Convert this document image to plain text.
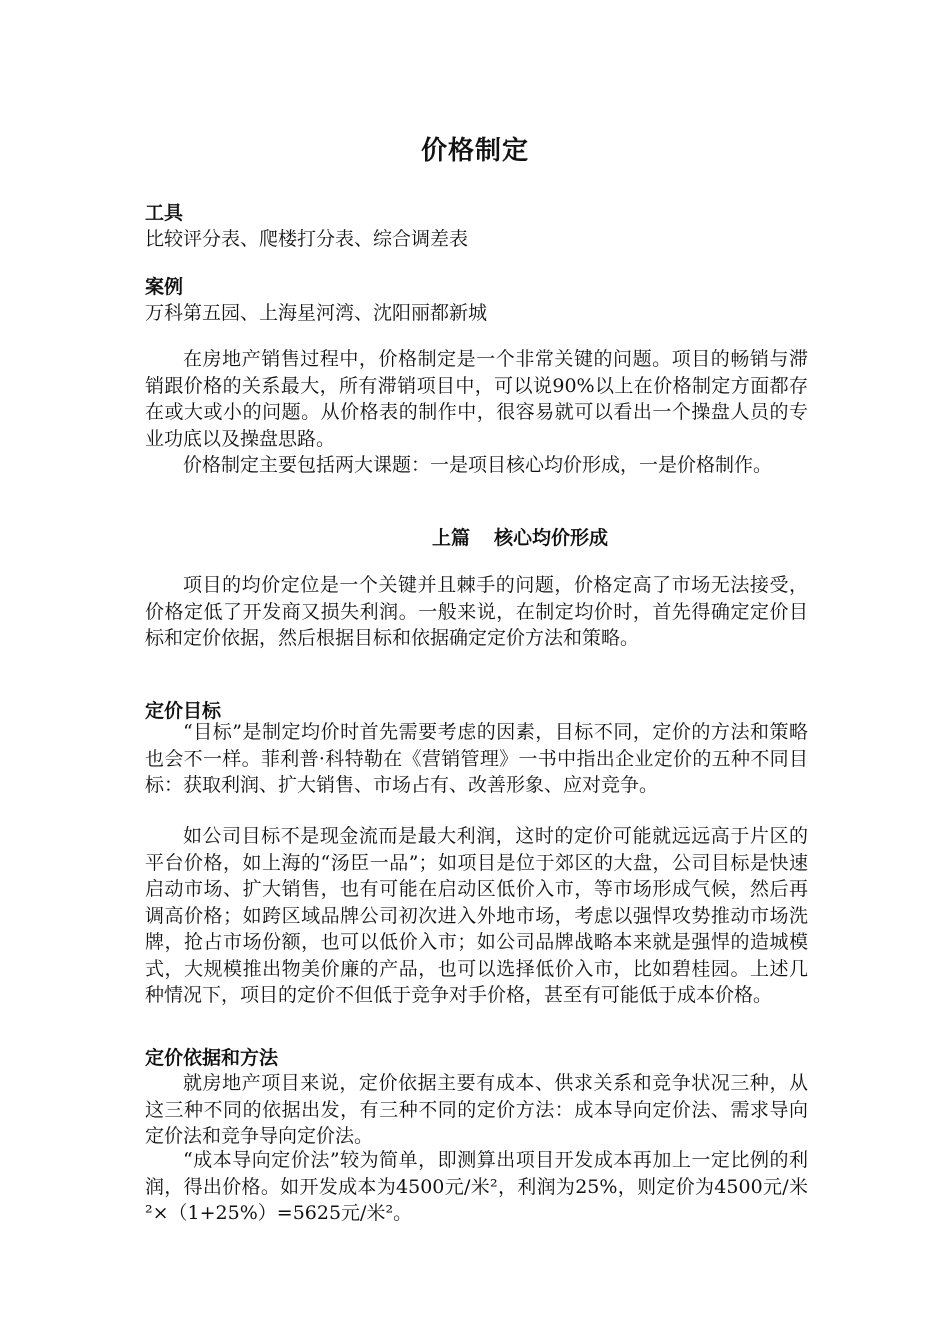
价格制定
工具
比较评分表、爬楼打分表、综合调差表
案例
万科第五园、上海星河湾、沈阳丽都新城

在房地产销售过程中，价格制定是一个非常关键的问题。项目的畅销与滞销跟价格的关系最大，所有滞销项目中，可以说90%以上在价格制定方面都存在或大或小的问题。从价格表的制作中，很容易就可以看出一个操盘人员的专业功底以及操盘思路。

价格制定主要包括两大课题：一是项目核心均价形成，一是价格制作。

上篇 核心均价形成

项目的均价定位是一个关键并且棘手的问题，价格定高了市场无法接受，价格定低了开发商又损失利润。一般来说，在制定均价时，首先得确定定价目标和定价依据，然后根据目标和依据确定定价方法和策略。

定价目标

“目标”是制定均价时首先需要考虑的因素，目标不同，定价的方法和策略也会不一样。菲利普·科特勒在《营销管理》一书中指出企业定价的五种不同目标：获取利润、扩大销售、市场占有、改善形象、应对竞争。

如公司目标不是现金流而是最大利润，这时的定价可能就远远高于片区的平台价格，如上海的“汤臣一品”；如项目是位于郊区的大盘，公司目标是快速启动市场、扩大销售，也有可能在启动区低价入市，等市场形成气候，然后再调高价格；如跨区域品牌公司初次进入外地市场，考虑以强悍攻势推动市场洗牌，抢占市场份额，也可以低价入市；如公司品牌战略本来就是强悍的造城模式，大规模推出物美价廉的产品，也可以选择低价入市，比如碧桂园。上述几种情况下，项目的定价不但低于竞争对手价格，甚至有可能低于成本价格。

定价依据和方法

就房地产项目来说，定价依据主要有成本、供求关系和竞争状况三种，从这三种不同的依据出发，有三种不同的定价方法：成本导向定价法、需求导向定价法和竞争导向定价法。

“成本导向定价法”较为简单，即测算出项目开发成本再加上一定比例的利润，得出价格。如开发成本为4500元/米²，利润为25%，则定价为4500元/米²×（1+25%）=5625元/米²。
